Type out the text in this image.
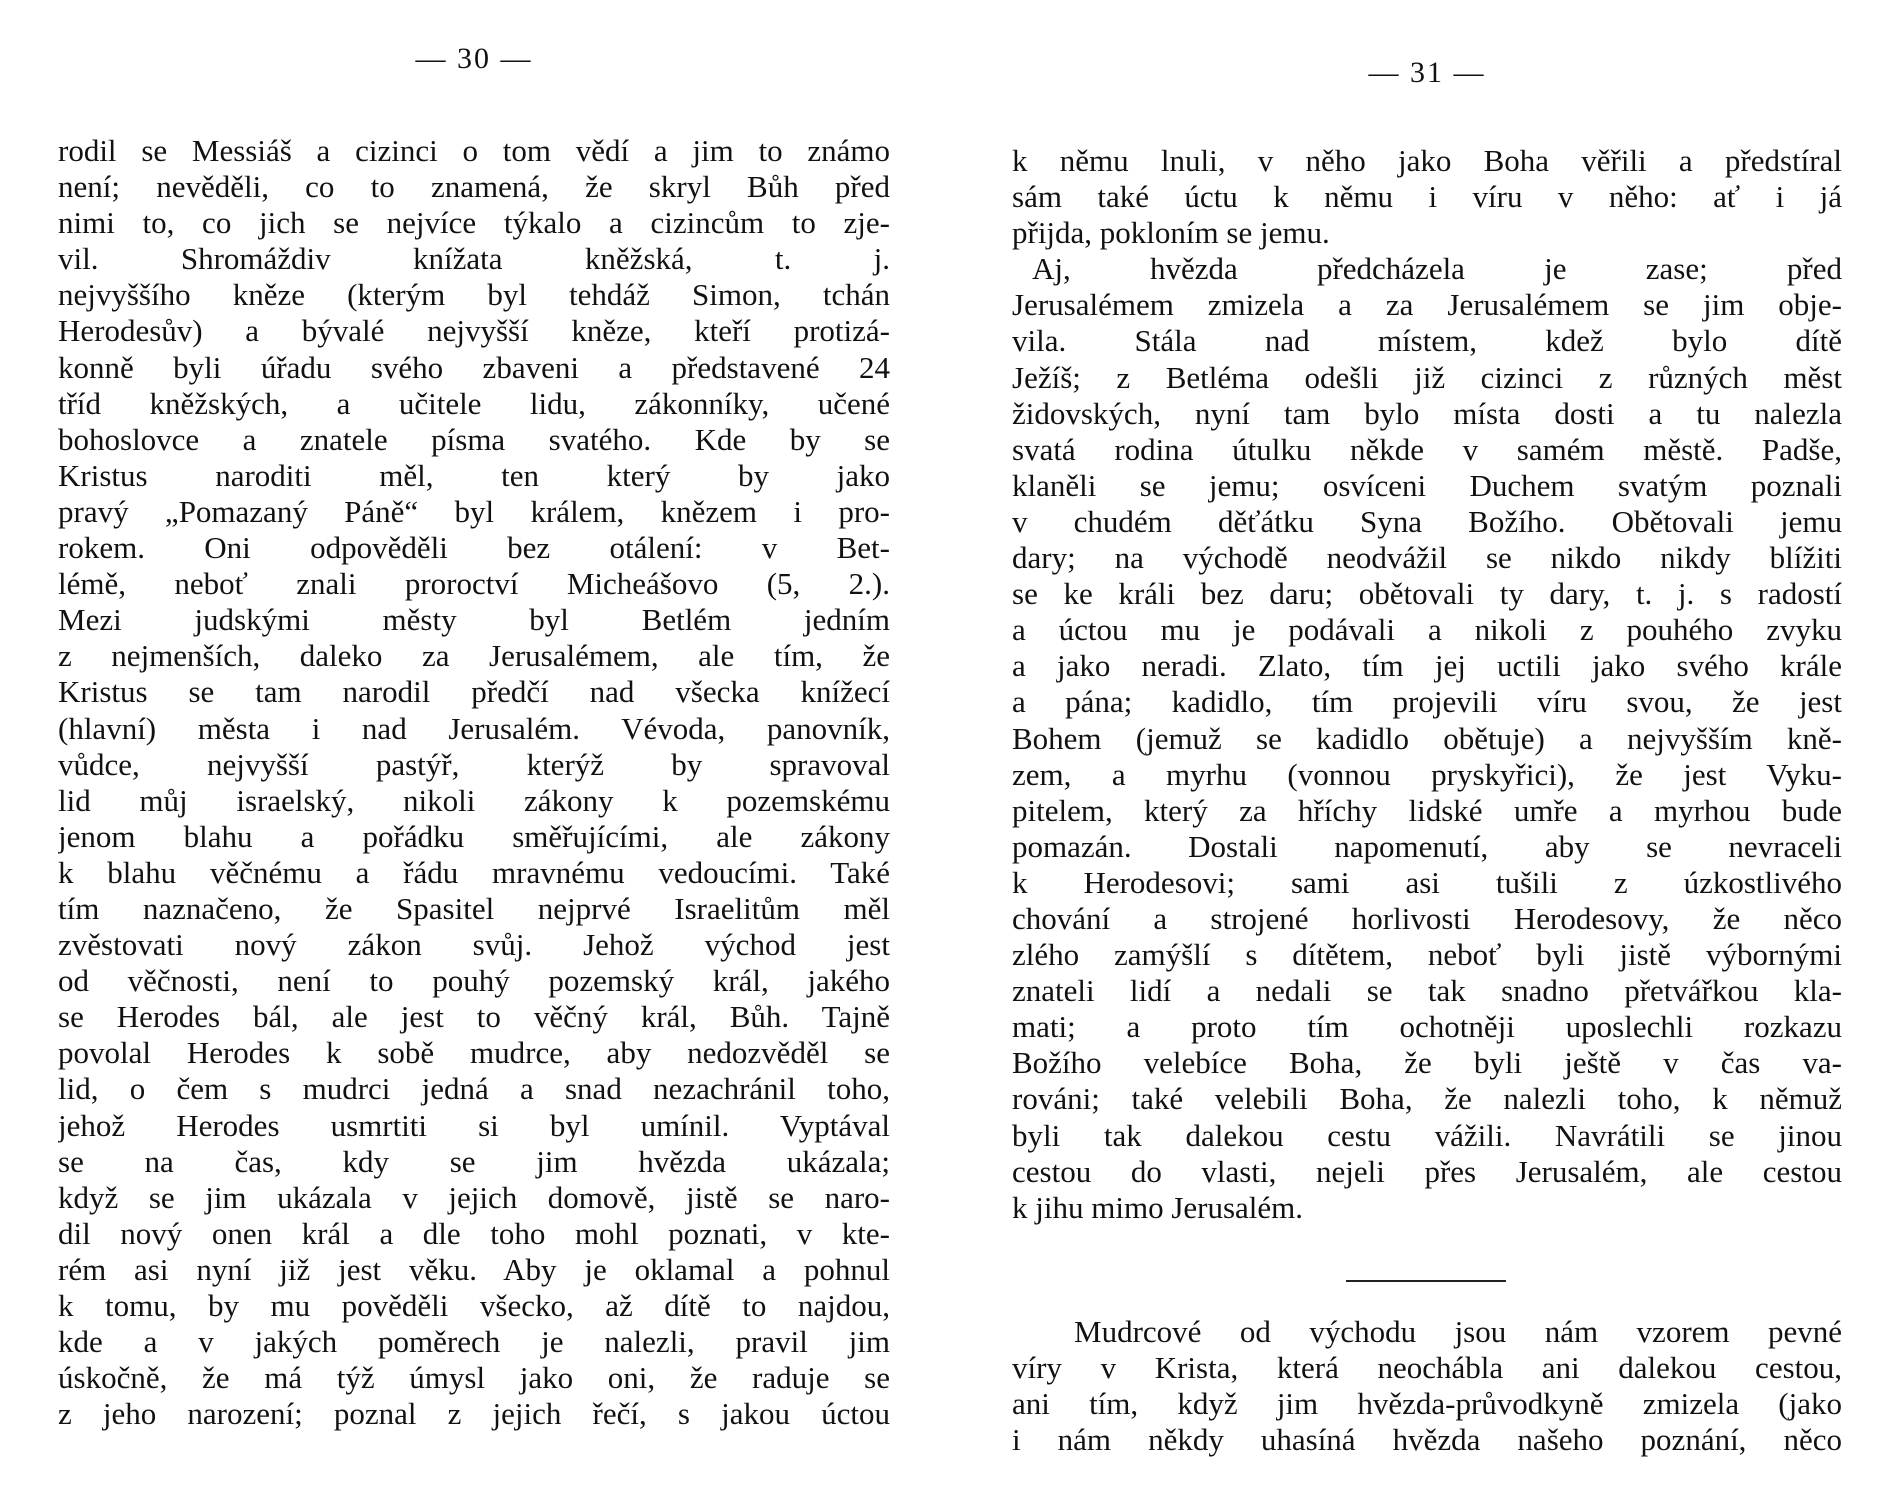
— 30 —
rodil se Messiáš a cizinci o tom vědí a jim to známo
není; nevěděli, co to znamená, že skryl Bůh před
nimi to, co jich se nejvíce týkalo a cizincům to zje-
vil. Shromáždiv knížata kněžská, t. j.
nejvyššího kněze (kterým byl tehdáž Simon, tchán
Herodesův) a bývalé nejvyšší kněze, kteří protizá-
konně byli úřadu svého zbaveni a představené 24
tříd kněžských, a učitele lidu, zákonníky, učené
bohoslovce a znatele písma svatého. Kde by se
Kristus naroditi měl, ten který by jako
pravý „Pomazaný Páně“ byl králem, knězem i pro-
rokem. Oni odpověděli bez otálení: v Bet-
lémě, neboť znali proroctví Micheášovo (5, 2.).
Mezi judskými městy byl Betlém jedním
z nejmenších, daleko za Jerusalémem, ale tím, že
Kristus se tam narodil předčí nad všecka knížecí
(hlavní) města i nad Jerusalém. Vévoda, panovník,
vůdce, nejvyšší pastýř, kterýž by spravoval
lid můj israelský, nikoli zákony k pozemskému
jenom blahu a pořádku směřujícími, ale zákony
k blahu věčnému a řádu mravnému vedoucími. Také
tím naznačeno, že Spasitel nejprvé Israelitům měl
zvěstovati nový zákon svůj. Jehož východ jest
od věčnosti, není to pouhý pozemský král, jakého
se Herodes bál, ale jest to věčný král, Bůh. Tajně
povolal Herodes k sobě mudrce, aby nedozvěděl se
lid, o čem s mudrci jedná a snad nezachránil toho,
jehož Herodes usmrtiti si byl umínil. Vyptával
se na čas, kdy se jim hvězda ukázala;
když se jim ukázala v jejich domově, jistě se naro-
dil nový onen král a dle toho mohl poznati, v kte-
rém asi nyní již jest věku. Aby je oklamal a pohnul
k tomu, by mu pověděli všecko, až dítě to najdou,
kde a v jakých poměrech je nalezli, pravil jim
úskočně, že má týž úmysl jako oni, že raduje se
z jeho narození; poznal z jejich řečí, s jakou úctou
— 31 —
k němu lnuli, v něho jako Boha věřili a předstíral
sám také úctu k němu i víru v něho: ať i já
přijda, pokloním se jemu.
Aj, hvězda předcházela je zase; před
Jerusalémem zmizela a za Jerusalémem se jim obje-
vila. Stála nad místem, kdež bylo dítě
Ježíš; z Betléma odešli již cizinci z různých měst
židovských, nyní tam bylo místa dosti a tu nalezla
svatá rodina útulku někde v samém městě. Padše,
klaněli se jemu; osvíceni Duchem svatým poznali
v chudém děťátku Syna Božího. Obětovali jemu
dary; na východě neodvážil se nikdo nikdy blížiti
se ke králi bez daru; obětovali ty dary, t. j. s radostí
a úctou mu je podávali a nikoli z pouhého zvyku
a jako neradi. Zlato, tím jej uctili jako svého krále
a pána; kadidlo, tím projevili víru svou, že jest
Bohem (jemuž se kadidlo obětuje) a nejvyšším kně-
zem, a myrhu (vonnou pryskyřici), že jest Vyku-
pitelem, který za hříchy lidské umře a myrhou bude
pomazán. Dostali napomenutí, aby se nevraceli
k Herodesovi; sami asi tušili z úzkostlivého
chování a strojené horlivosti Herodesovy, že něco
zlého zamýšlí s dítětem, neboť byli jistě výbornými
znateli lidí a nedali se tak snadno přetvářkou kla-
mati; a proto tím ochotněji uposlechli rozkazu
Božího velebíce Boha, že byli ještě v čas va-
rováni; také velebili Boha, že nalezli toho, k němuž
byli tak dalekou cestu vážili. Navrátili se jinou
cestou do vlasti, nejeli přes Jerusalém, ale cestou
k jihu mimo Jerusalém.
Mudrcové od východu jsou nám vzorem pevné
víry v Krista, která neochábla ani dalekou cestou,
ani tím, když jim hvězda-průvodkyně zmizela (jako
i nám někdy uhasíná hvězda našeho poznání, něco
